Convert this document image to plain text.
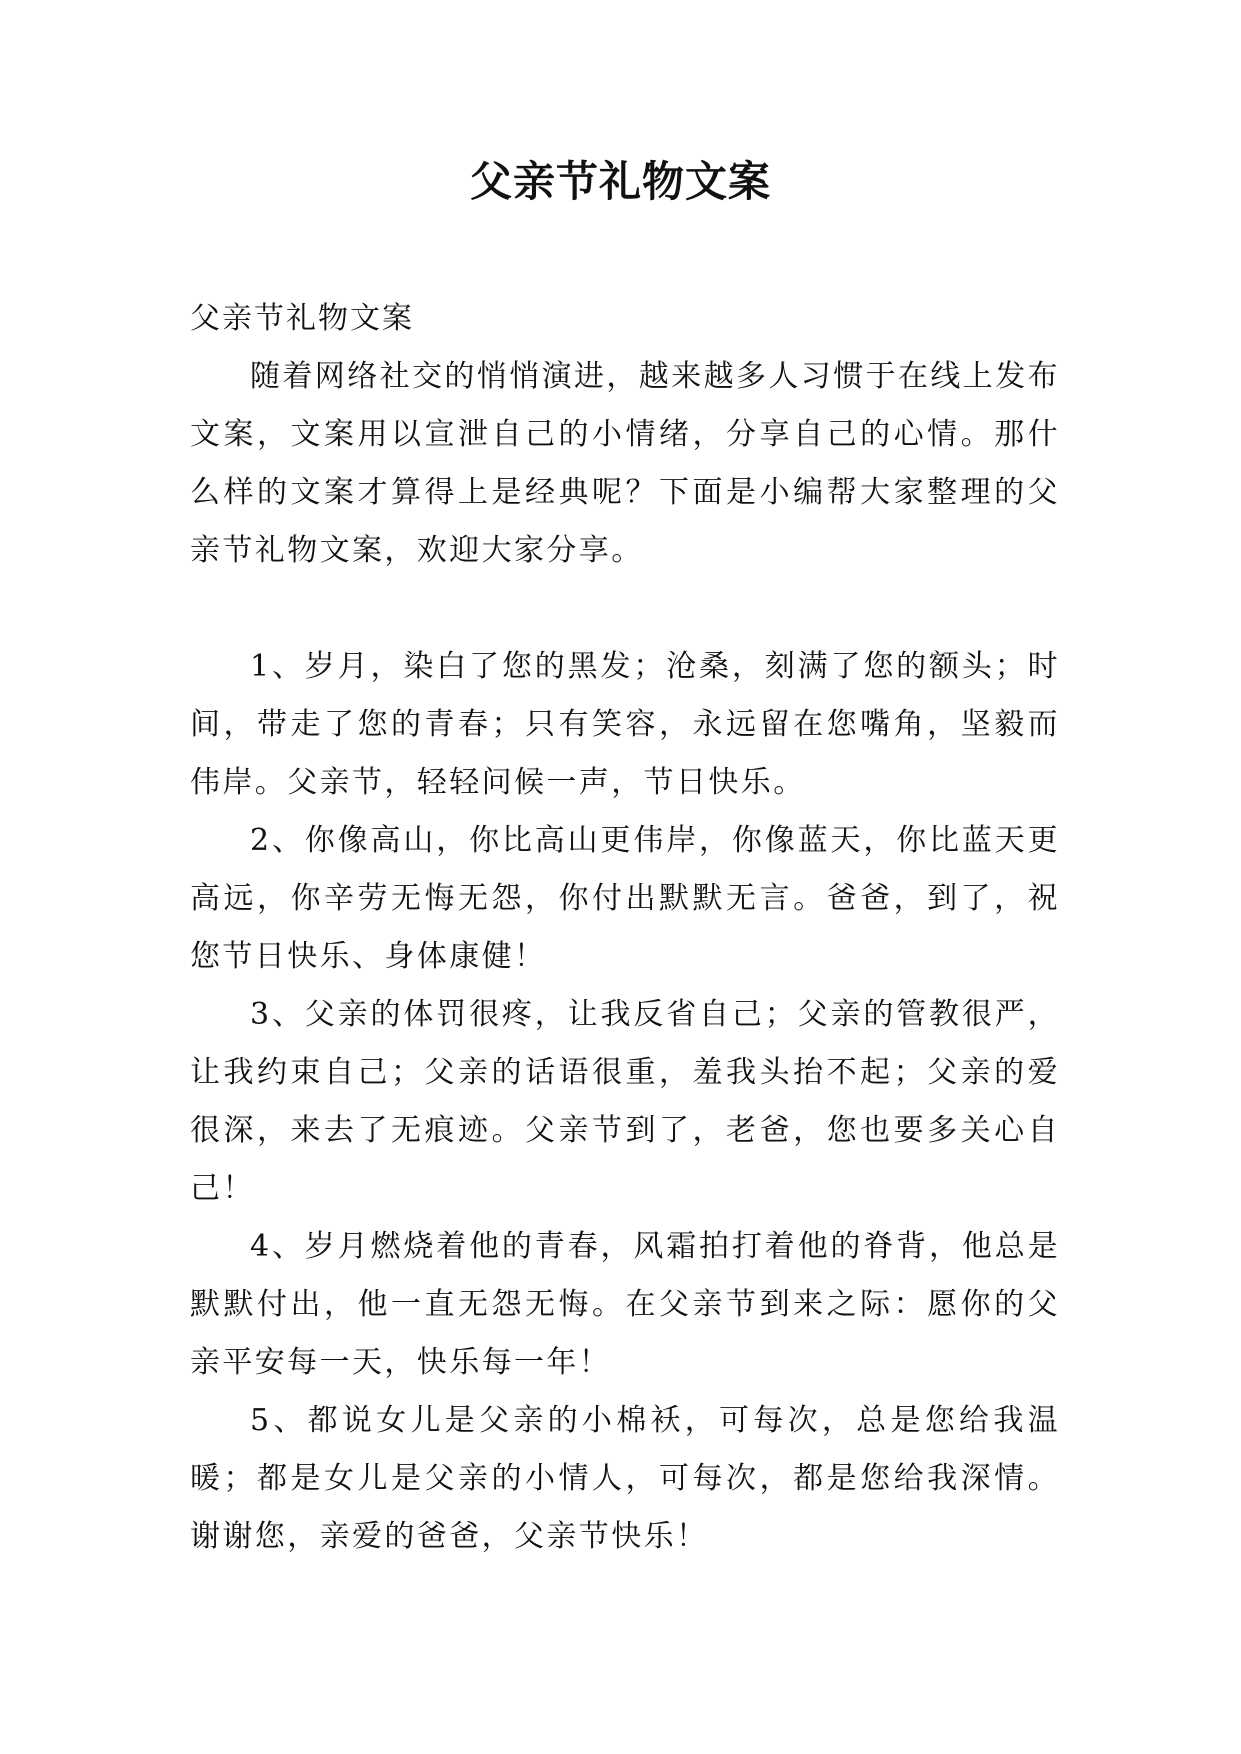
父亲节礼物文案

父亲节礼物文案

随着网络社交的悄悄演进，越来越多人习惯于在线上发布文案，文案用以宣泄自己的小情绪，分享自己的心情。那什么样的文案才算得上是经典呢？下面是小编帮大家整理的父亲节礼物文案，欢迎大家分享。

1、岁月，染白了您的黑发；沧桑，刻满了您的额头；时间，带走了您的青春；只有笑容，永远留在您嘴角，坚毅而伟岸。父亲节，轻轻问候一声，节日快乐。

2、你像高山，你比高山更伟岸，你像蓝天，你比蓝天更高远，你辛劳无悔无怨，你付出默默无言。爸爸，到了，祝您节日快乐、身体康健！

3、父亲的体罚很疼，让我反省自己；父亲的管教很严，让我约束自己；父亲的话语很重，羞我头抬不起；父亲的爱很深，来去了无痕迹。父亲节到了，老爸，您也要多关心自己！

4、岁月燃烧着他的青春，风霜拍打着他的脊背，他总是默默付出，他一直无怨无悔。在父亲节到来之际：愿你的父亲平安每一天，快乐每一年！

5、都说女儿是父亲的小棉袄，可每次，总是您给我温暖；都是女儿是父亲的小情人，可每次，都是您给我深情。谢谢您，亲爱的爸爸，父亲节快乐！
